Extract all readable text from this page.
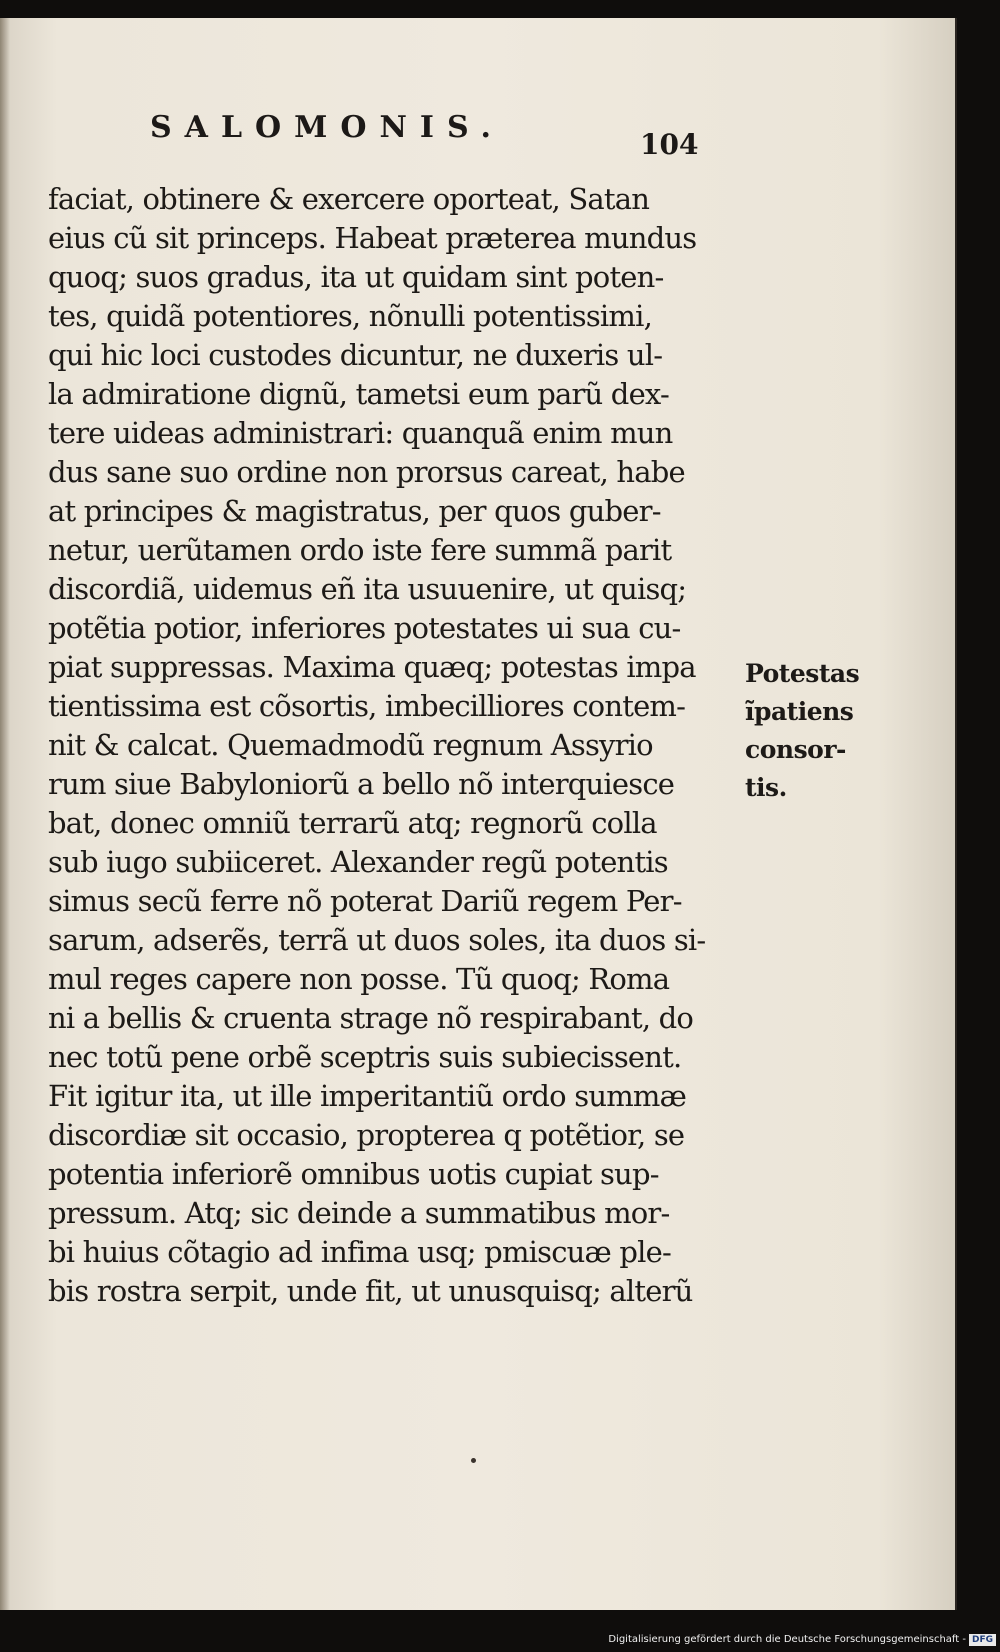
SALOMONIS.	104
faciat, obtinere & exercere oporteat, Satan
eius cũ sit princeps. Habeat præterea mundus
quoq; suos gradus, ita ut quidam sint poten-
tes, quidã potentiores, nõnulli potentissimi,
qui hic loci custodes dicuntur, ne duxeris ul-
la admiratione dignũ, tametsi eum parũ dex-
tere uideas administrari: quanquã enim mun
dus sane suo ordine non prorsus careat, habe
at principes & magistratus, per quos guber-
netur, uerũtamen ordo iste fere summã parit
discordiã, uidemus eñ ita usuuenire, ut quisq;
potẽtia potior, inferiores potestates ui sua cu-
piat suppressas. Maxima quæq; potestas impa
tientissima est cõsortis, imbecilliores contem-
nit & calcat. Quemadmodũ regnum Assyrio
rum siue Babyloniorũ a bello nõ interquiesce
bat, donec omniũ terrarũ atq; regnorũ colla
sub iugo subiiceret. Alexander regũ potentis
simus secũ ferre nõ poterat Dariũ regem Per-
sarum, adserẽs, terrã ut duos soles, ita duos si-
mul reges capere non posse. Tũ quoq; Roma
ni a bellis & cruenta strage nõ respirabant, do
nec totũ pene orbẽ sceptris suis subiecissent.
Fit igitur ita, ut ille imperitantiũ ordo summæ
discordiæ sit occasio, propterea q potẽtior, se
potentia inferiorẽ omnibus uotis cupiat sup-
pressum. Atq; sic deinde a summatibus mor-
bi huius cõtagio ad infima usq; pmiscuæ ple-
bis rostra serpit, unde fit, ut unusquisq; alterũ
Potestas
ĩpatiens
consor-
tis.
Digitalisierung gefördert durch die Deutsche Forschungsgemeinschaft - DFG
